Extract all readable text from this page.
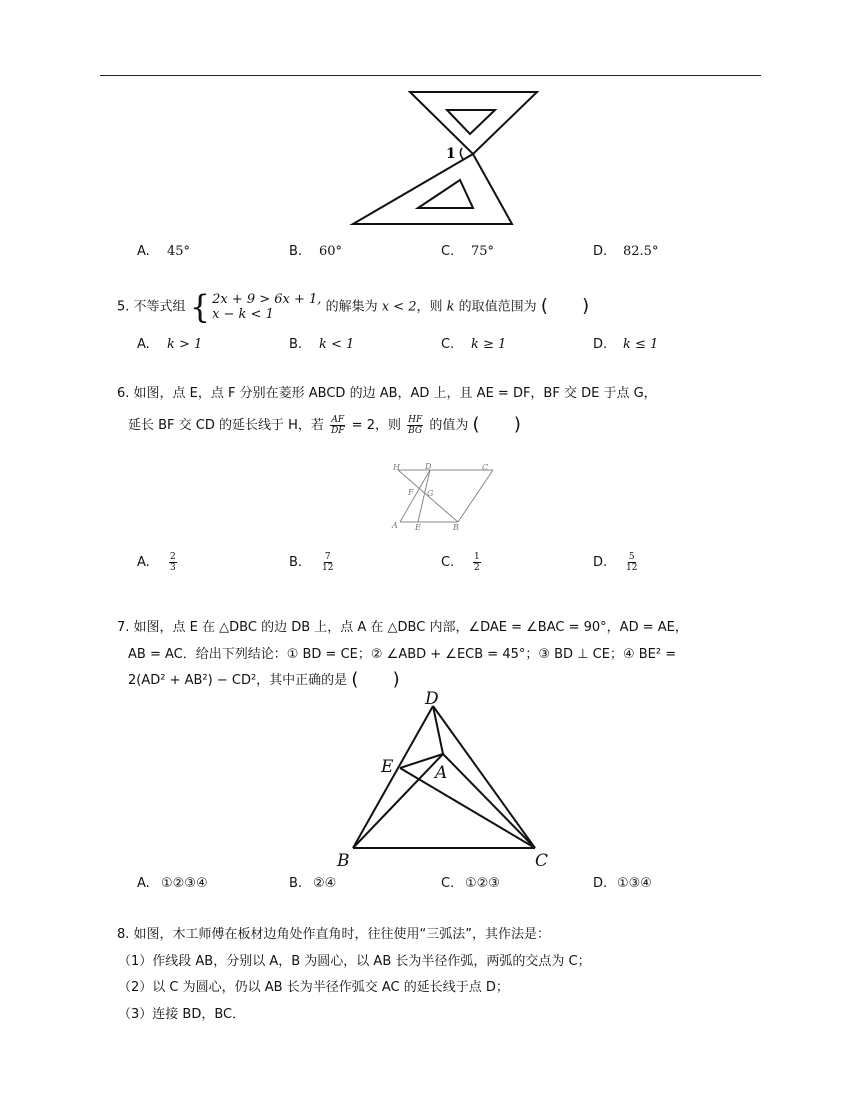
1
A. 45°	B. 60°	C. 75°	D. 82.5°
5. 不等式组 { 2x + 9 > 6x + 1,
x − k < 1	的解集为 x < 2，则 k 的取值范围为 (      )
A. k > 1	B. k < 1	C. k ≥ 1	D. k ≤ 1
6. 如图，点 E，点 F 分别在菱形 ABCD 的边 AB，AD 上，且 AE = DF，BF 交 DE 于点 G，
延长 BF 交 CD 的延长线于 H，若 $\frac{AF}{DF} = 2$，则 $\frac{HF}{BG}$ 的值为 (      )
H	D	C
F G
A E	B
A. $\frac{2}{3}$	B. $\frac{7}{12}$	C. $\frac{1}{2}$	D. $\frac{5}{12}$
7. 如图，点 E 在 △DBC 的边 DB 上，点 A 在 △DBC 内部，∠DAE = ∠BAC = 90°，AD = AE，
AB = AC．给出下列结论：① BD = CE；② ∠ABD + ∠ECB = 45°；③ BD ⊥ CE；④ BE² =
2(AD² + AB²) − CD²，其中正确的是 (      )
D
E A
B	C
A. ①②③④	B. ②④	C. ①②③	D. ①③④
8. 如图，木工师傅在板材边角处作直角时，往往使用“三弧法”，其作法是：
（1）作线段 AB，分别以 A，B 为圆心，以 AB 长为半径作弧，两弧的交点为 C；
（2）以 C 为圆心，仍以 AB 长为半径作弧交 AC 的延长线于点 D；
（3）连接 BD，BC．
